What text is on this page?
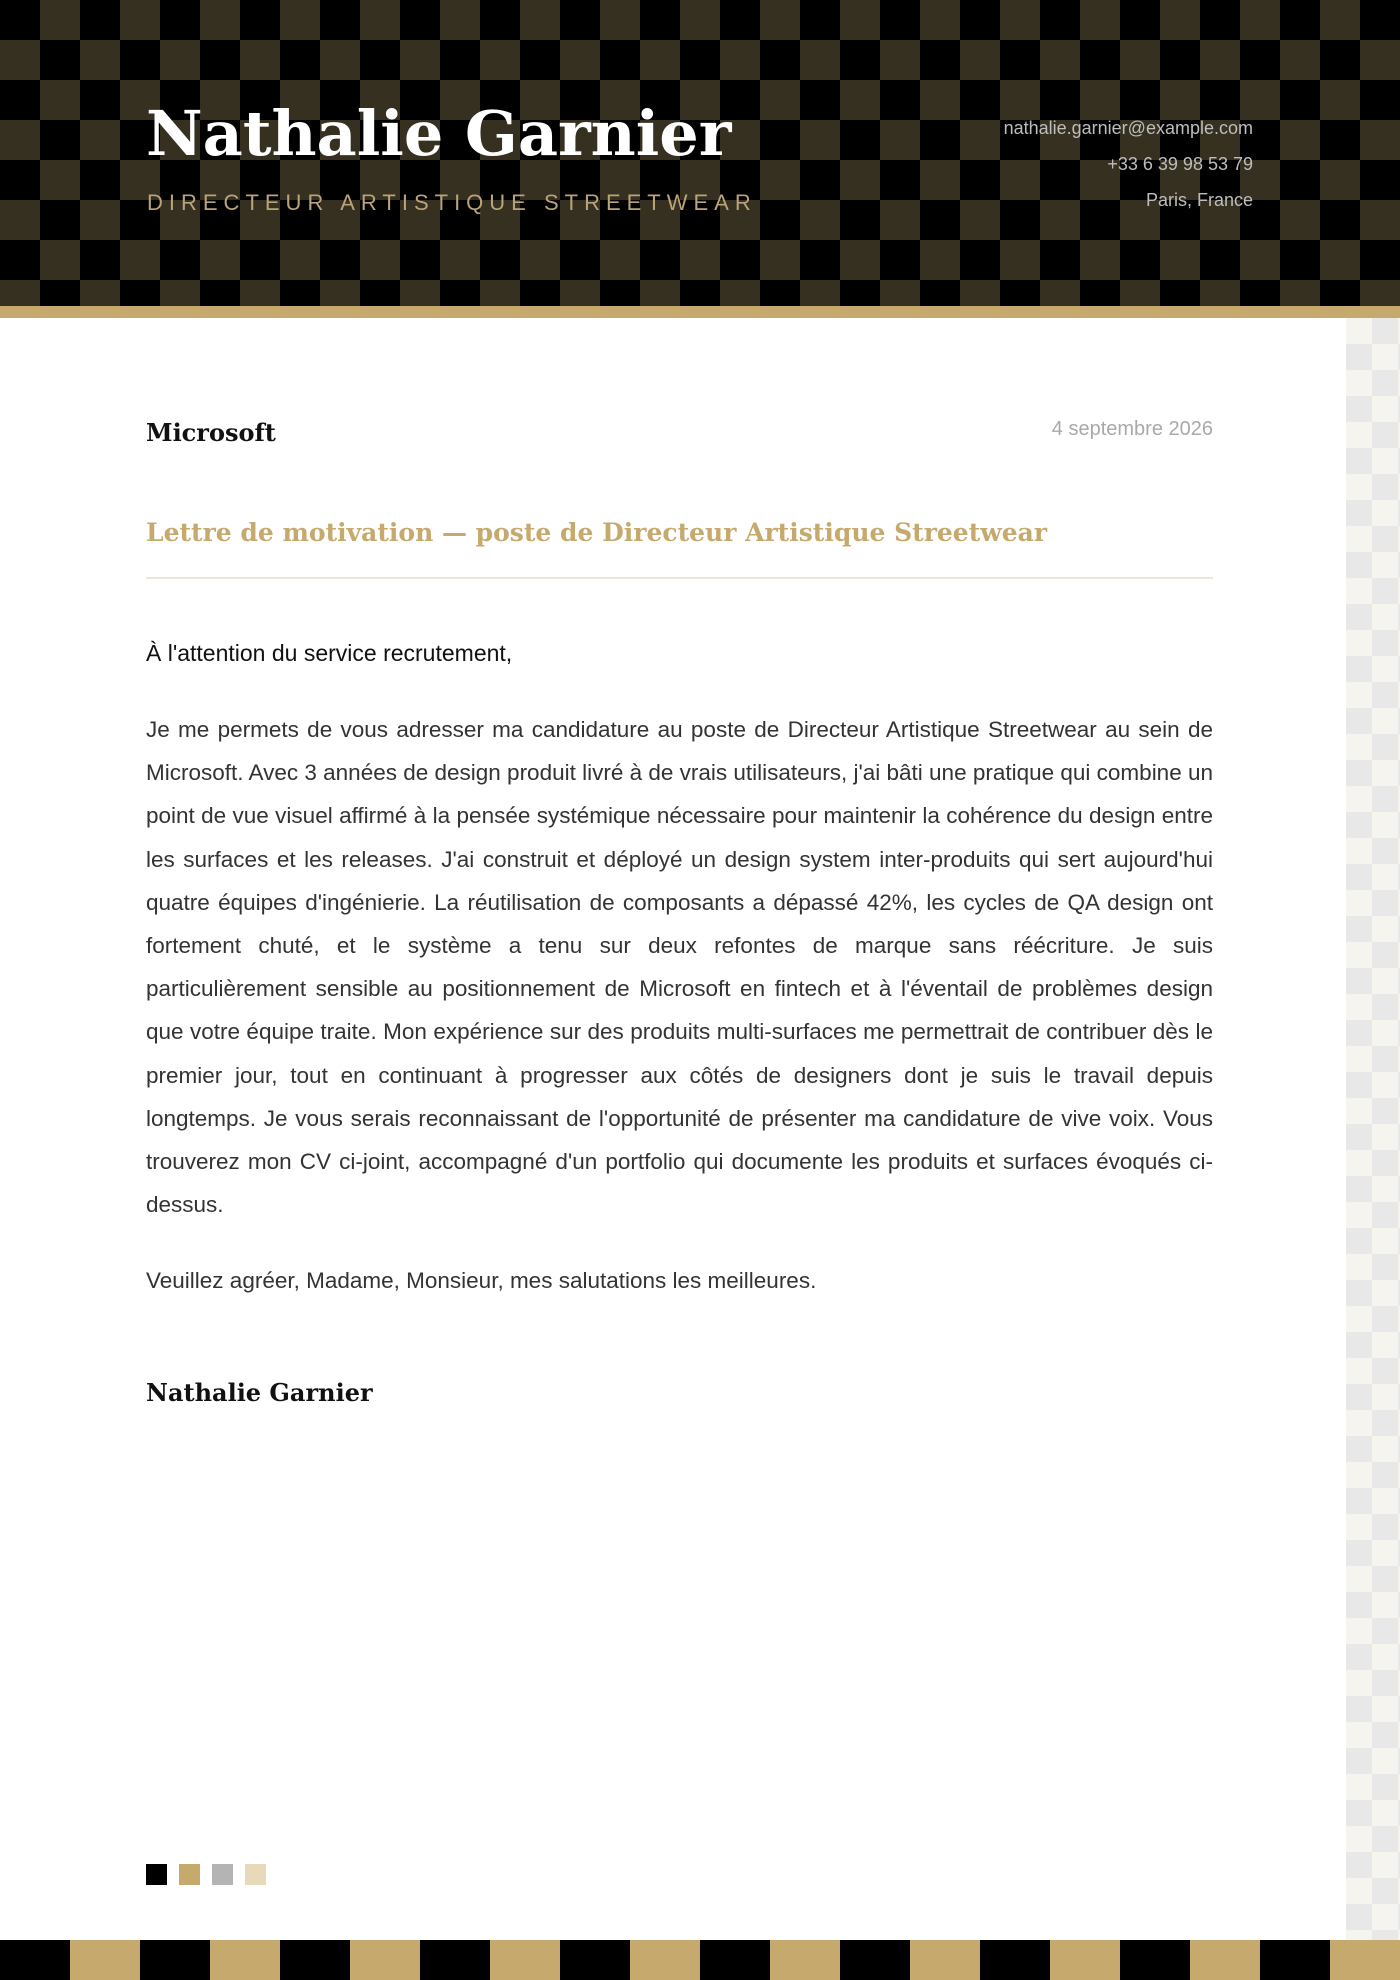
Nathalie Garnier
DIRECTEUR ARTISTIQUE STREETWEAR
nathalie.garnier@example.com
+33 6 39 98 53 79
Paris, France
Microsoft	4 septembre 2026
Lettre de motivation — poste de Directeur Artistique Streetwear
À l'attention du service recrutement,

Je me permets de vous adresser ma candidature au poste de Directeur Artistique Streetwear au sein de Microsoft. Avec 3 années de design produit livré à de vrais utilisateurs, j'ai bâti une pratique qui combine un point de vue visuel affirmé à la pensée systémique nécessaire pour maintenir la cohérence du design entre les surfaces et les releases. J'ai construit et déployé un design system inter-produits qui sert aujourd'hui quatre équipes d'ingénierie. La réutilisation de composants a dépassé 42%, les cycles de QA design ont fortement chuté, et le système a tenu sur deux refontes de marque sans réécriture. Je suis particulièrement sensible au positionnement de Microsoft en fintech et à l'éventail de problèmes design que votre équipe traite. Mon expérience sur des produits multi-surfaces me permettrait de contribuer dès le premier jour, tout en continuant à progresser aux côtés de designers dont je suis le travail depuis longtemps. Je vous serais reconnaissant de l'opportunité de présenter ma candidature de vive voix. Vous trouverez mon CV ci-joint, accompagné d'un portfolio qui documente les produits et surfaces évoqués ci-dessus.

Veuillez agréer, Madame, Monsieur, mes salutations les meilleures.
Nathalie Garnier
